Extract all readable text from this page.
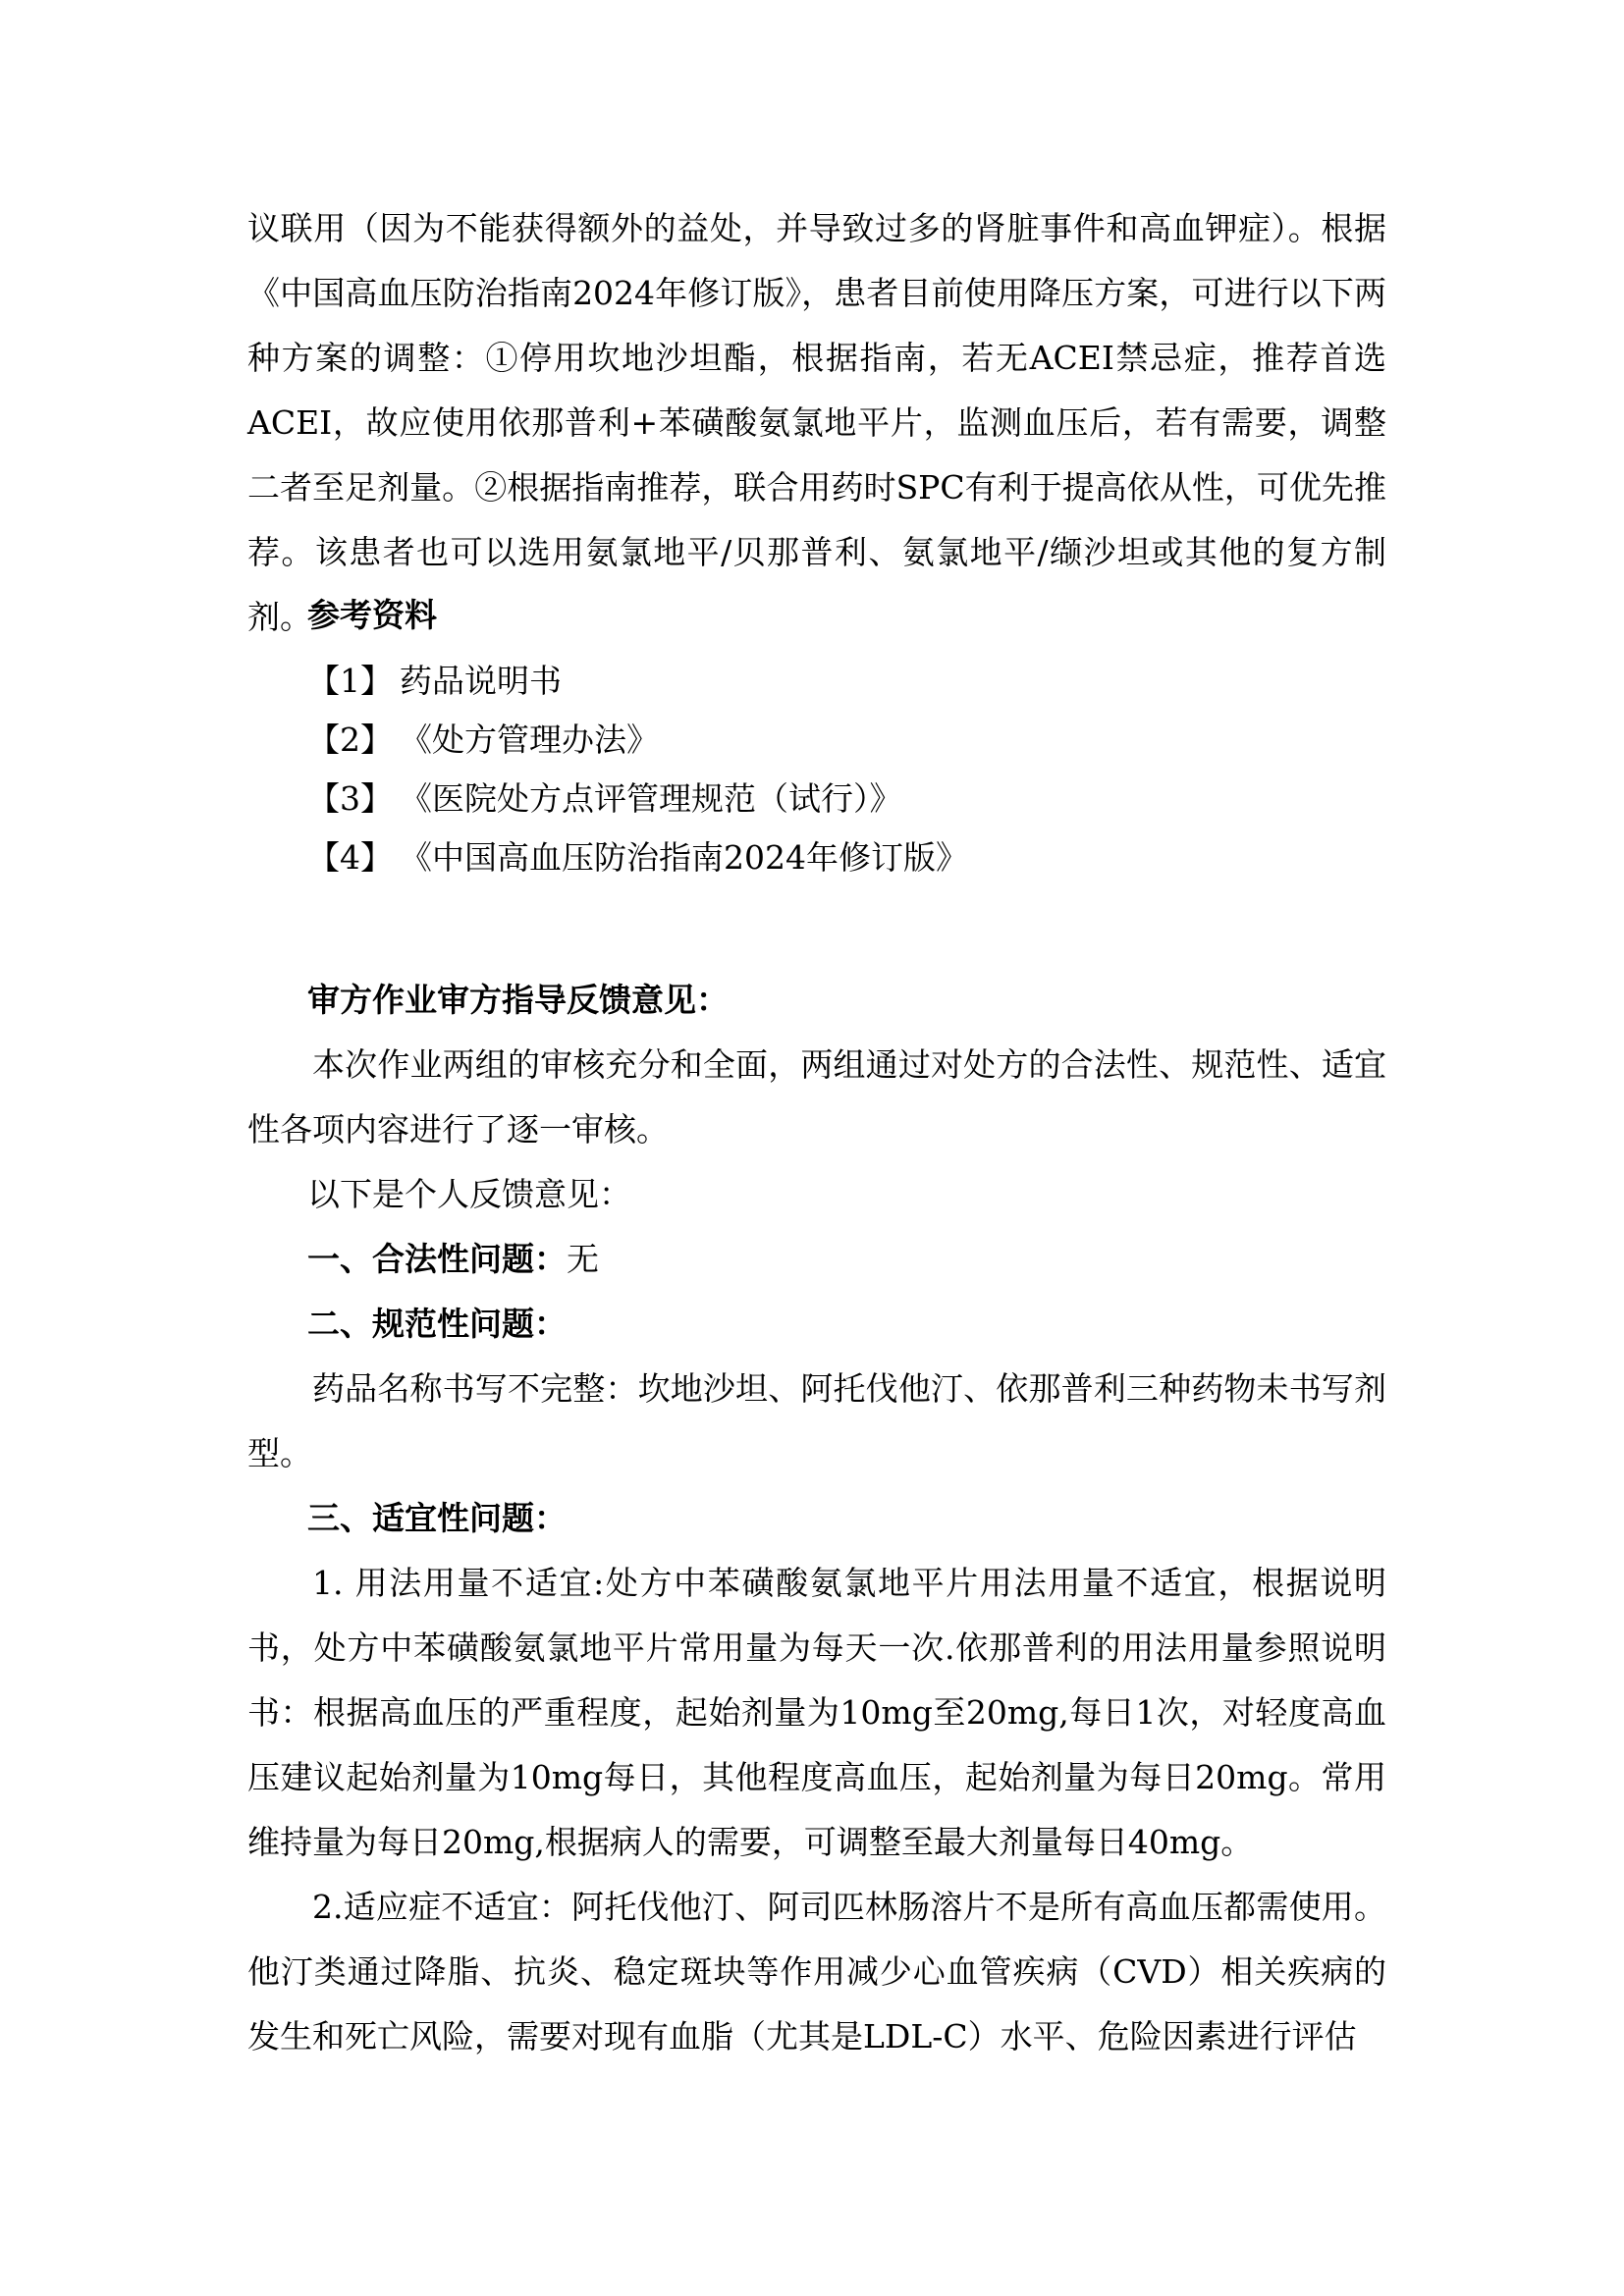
议联用（因为不能获得额外的益处，并导致过多的肾脏事件和高血钾症）。根据《中国高血压防治指南2024年修订版》，患者目前使用降压方案，可进行以下两种方案的调整：①停用坎地沙坦酯，根据指南，若无ACEI禁忌症，推荐首选ACEI，故应使用依那普利+苯磺酸氨氯地平片，监测血压后，若有需要，调整二者至足剂量。②根据指南推荐，联合用药时SPC有利于提高依从性，可优先推荐。该患者也可以选用氨氯地平/贝那普利、氨氯地平/缬沙坦或其他的复方制剂。

参考资料

【1】 药品说明书
【2】 《处方管理办法》
【3】 《医院处方点评管理规范（试行）》
【4】 《中国高血压防治指南2024年修订版》

审方作业审方指导反馈意见：

本次作业两组的审核充分和全面，两组通过对处方的合法性、规范性、适宜性各项内容进行了逐一审核。

以下是个人反馈意见：

一、合法性问题：无

二、规范性问题：

药品名称书写不完整：坎地沙坦、阿托伐他汀、依那普利三种药物未书写剂型。

三、适宜性问题：

1. 用法用量不适宜:处方中苯磺酸氨氯地平片用法用量不适宜，根据说明书，处方中苯磺酸氨氯地平片常用量为每天一次.依那普利的用法用量参照说明书：根据高血压的严重程度，起始剂量为10mg至20mg,每日1次，对轻度高血压建议起始剂量为10mg每日，其他程度高血压，起始剂量为每日20mg。常用维持量为每日20mg,根据病人的需要，可调整至最大剂量每日40mg。

2.适应症不适宜：阿托伐他汀、阿司匹林肠溶片不是所有高血压都需使用。他汀类通过降脂、抗炎、稳定斑块等作用减少心血管疾病（CVD）相关疾病的发生和死亡风险，需要对现有血脂（尤其是LDL-C）水平、危险因素进行评估
